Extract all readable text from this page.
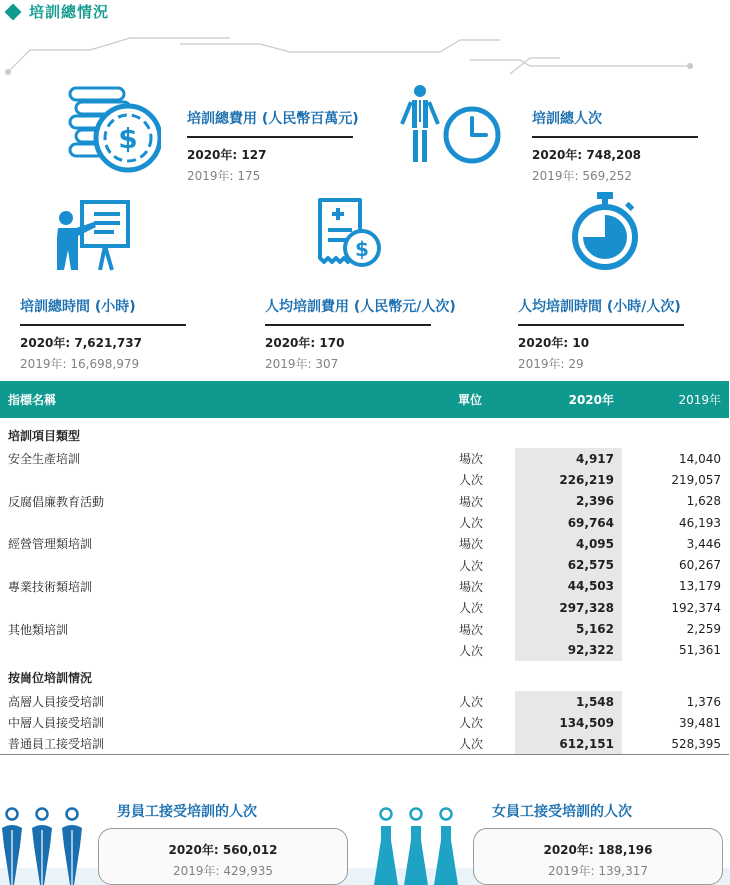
培訓總情況
$
培訓總費用 (人民幣百萬元)
2020年: 127
2019年: 175
培訓總人次
2020年: 748,208
2019年: 569,252
培訓總時間 (小時)
2020年: 7,621,737
2019年: 16,698,979
$
人均培訓費用 (人民幣元/人次)
2020年: 170
2019年: 307
人均培訓時間 (小時/人次)
2020年: 10
2019年: 29
指標名稱	單位	2020年	2019年
培訓項目類型			
安全生產培訓	場次	4,917	14,040
	人次	226,219	219,057
反腐倡廉教育活動	場次	2,396	1,628
	人次	69,764	46,193
經營管理類培訓	場次	4,095	3,446
	人次	62,575	60,267
專業技術類培訓	場次	44,503	13,179
	人次	297,328	192,374
其他類培訓	場次	5,162	2,259
	人次	92,322	51,361
按崗位培訓情況			
高層人員接受培訓	人次	1,548	1,376
中層人員接受培訓	人次	134,509	39,481
普通員工接受培訓	人次	612,151	528,395
男員工接受培訓的人次
2020年: 560,012
2019年: 429,935
女員工接受培訓的人次
2020年: 188,196
2019年: 139,317
